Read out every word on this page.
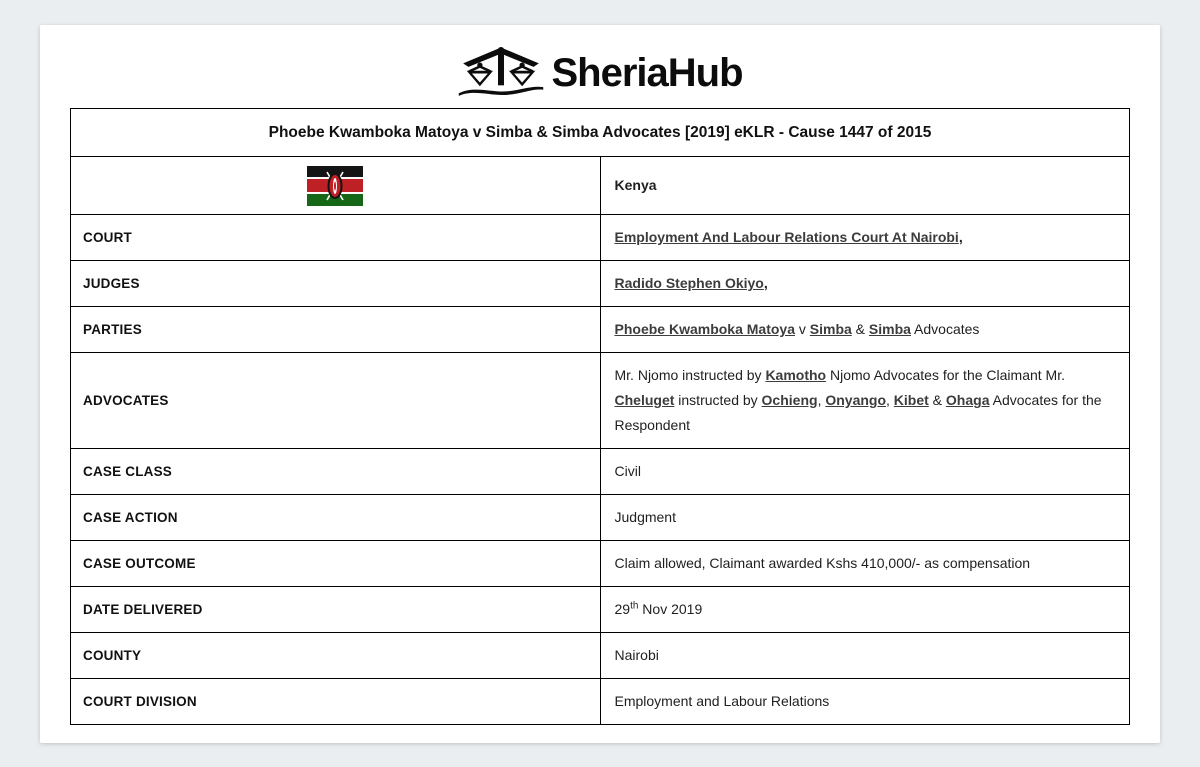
SheriaHub
Phoebe Kwamboka Matoya v Simba & Simba Advocates [2019] eKLR - Cause 1447 of 2015	
	Kenya
COURT	Employment And Labour Relations Court At Nairobi,
JUDGES	Radido Stephen Okiyo,
PARTIES	Phoebe Kwamboka Matoya v Simba & Simba Advocates
ADVOCATES	Mr. Njomo instructed by Kamotho Njomo Advocates for the Claimant Mr. Cheluget instructed by Ochieng, Onyango, Kibet & Ohaga Advocates for the Respondent
CASE CLASS	Civil
CASE ACTION	Judgment
CASE OUTCOME	Claim allowed, Claimant awarded Kshs 410,000/- as compensation
DATE DELIVERED	29th Nov 2019
COUNTY	Nairobi
COURT DIVISION	Employment and Labour Relations
